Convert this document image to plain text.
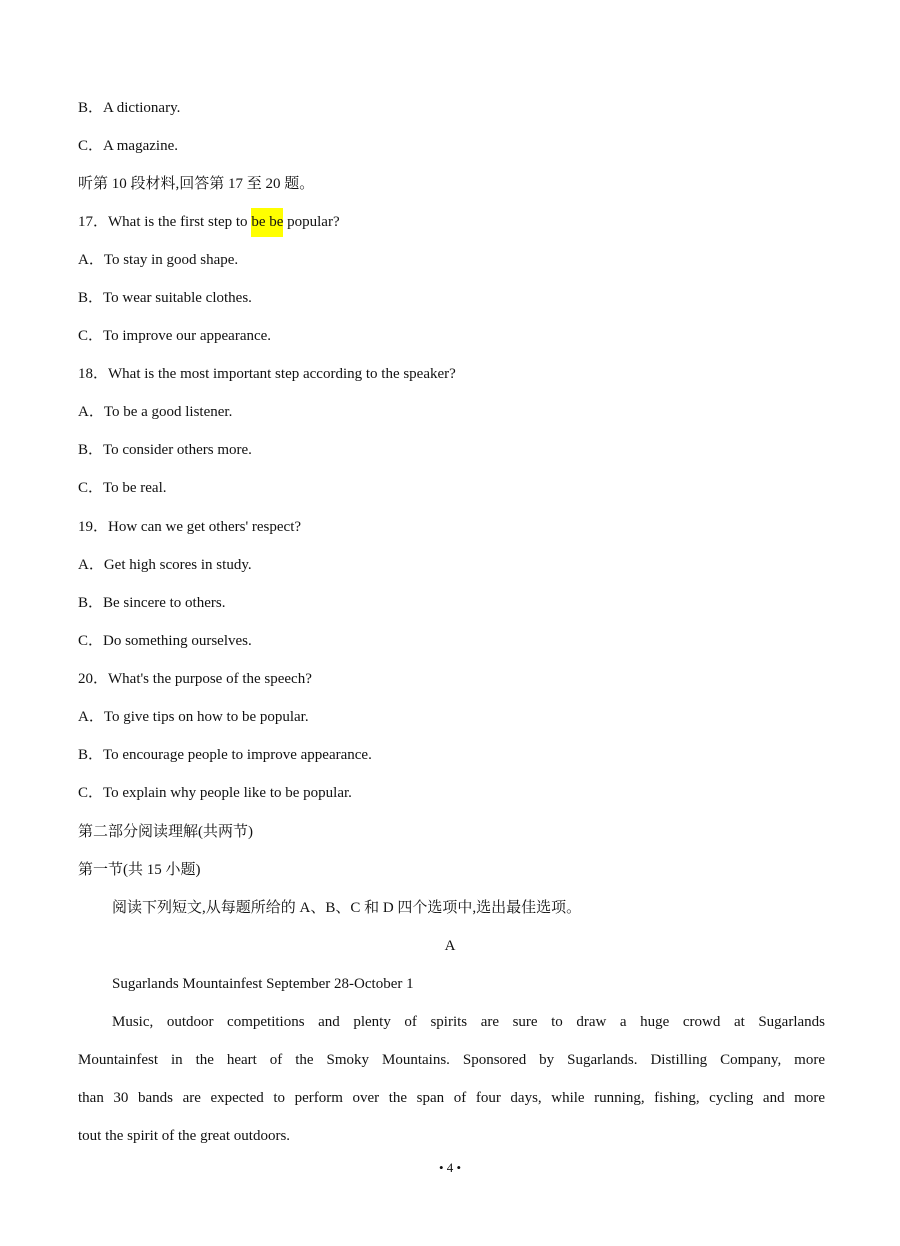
B．A dictionary.
C．A magazine.
听第 10 段材料,回答第 17 至 20 题。
17．What is the first step to be be popular?
A．To stay in good shape.
B．To wear suitable clothes.
C．To improve our appearance.
18．What is the most important step according to the speaker?
A．To be a good listener.
B．To consider others more.
C．To be real.
19．How can we get others' respect?
A．Get high scores in study.
B．Be sincere to others.
C．Do something ourselves.
20．What's the purpose of the speech?
A．To give tips on how to be popular.
B．To encourage people to improve appearance.
C．To explain why people like to be popular.
第二部分阅读理解(共两节)
第一节(共 15 小题)
阅读下列短文,从每题所给的 A、B、C 和 D 四个选项中,选出最佳选项。
A
Sugarlands Mountainfest September 28-October 1
Music, outdoor competitions and plenty of spirits are sure to draw a huge crowd at Sugarlands
Mountainfest in the heart of the Smoky Mountains. Sponsored by Sugarlands. Distilling Company, more
than 30 bands are expected to perform over the span of four days, while running, fishing, cycling and more
tout the spirit of the great outdoors.
• 4 •
